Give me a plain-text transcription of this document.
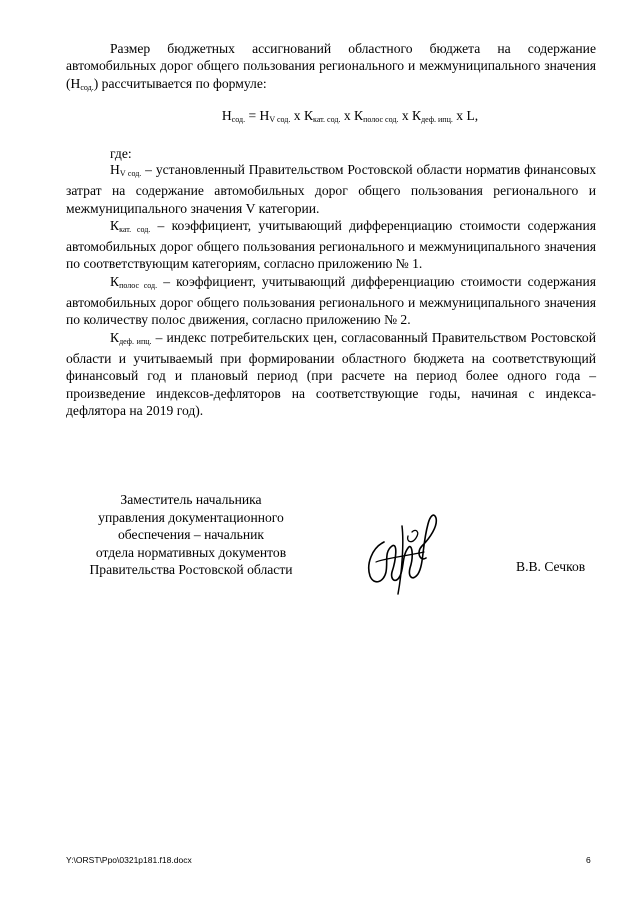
Размер бюджетных ассигнований областного бюджета на содержание автомобильных дорог общего пользования регионального и межмуниципального значения $(Н_{сод.})$ рассчитывается по формуле:

$Н_{сод.} = Н_{V сод.}$ х $К_{кат. сод.}$ х $К_{полос сод.}$ х $К_{деф. ипц.}$ х L,
где:

$Н_{V сод.}$ – установленный Правительством Ростовской области норматив финансовых затрат на содержание автомобильных дорог общего пользования регионального и межмуниципального значения V категории.

$К_{кат. сод.}$ – коэффициент, учитывающий дифференциацию стоимости содержания автомобильных дорог общего пользования регионального и межмуниципального значения по соответствующим категориям, согласно приложению № 1.

$К_{полос сод.}$ – коэффициент, учитывающий дифференциацию стоимости содержания автомобильных дорог общего пользования регионального и межмуниципального значения по количеству полос движения, согласно приложению № 2.

$К_{деф. ипц.}$ – индекс потребительских цен, согласованный Правительством Ростовской области и учитываемый при формировании областного бюджета на соответствующий финансовый год и плановый период (при расчете на период более одного года – произведение индексов-дефляторов на соответствующие годы, начиная с индекса-дефлятора на 2019 год).

Заместитель начальника
управления документационного
обеспечения – начальник
отдела нормативных документов
Правительства Ростовской области	В.В. Сечков
Y:\ORST\Ppo\0321p181.f18.docx	6
